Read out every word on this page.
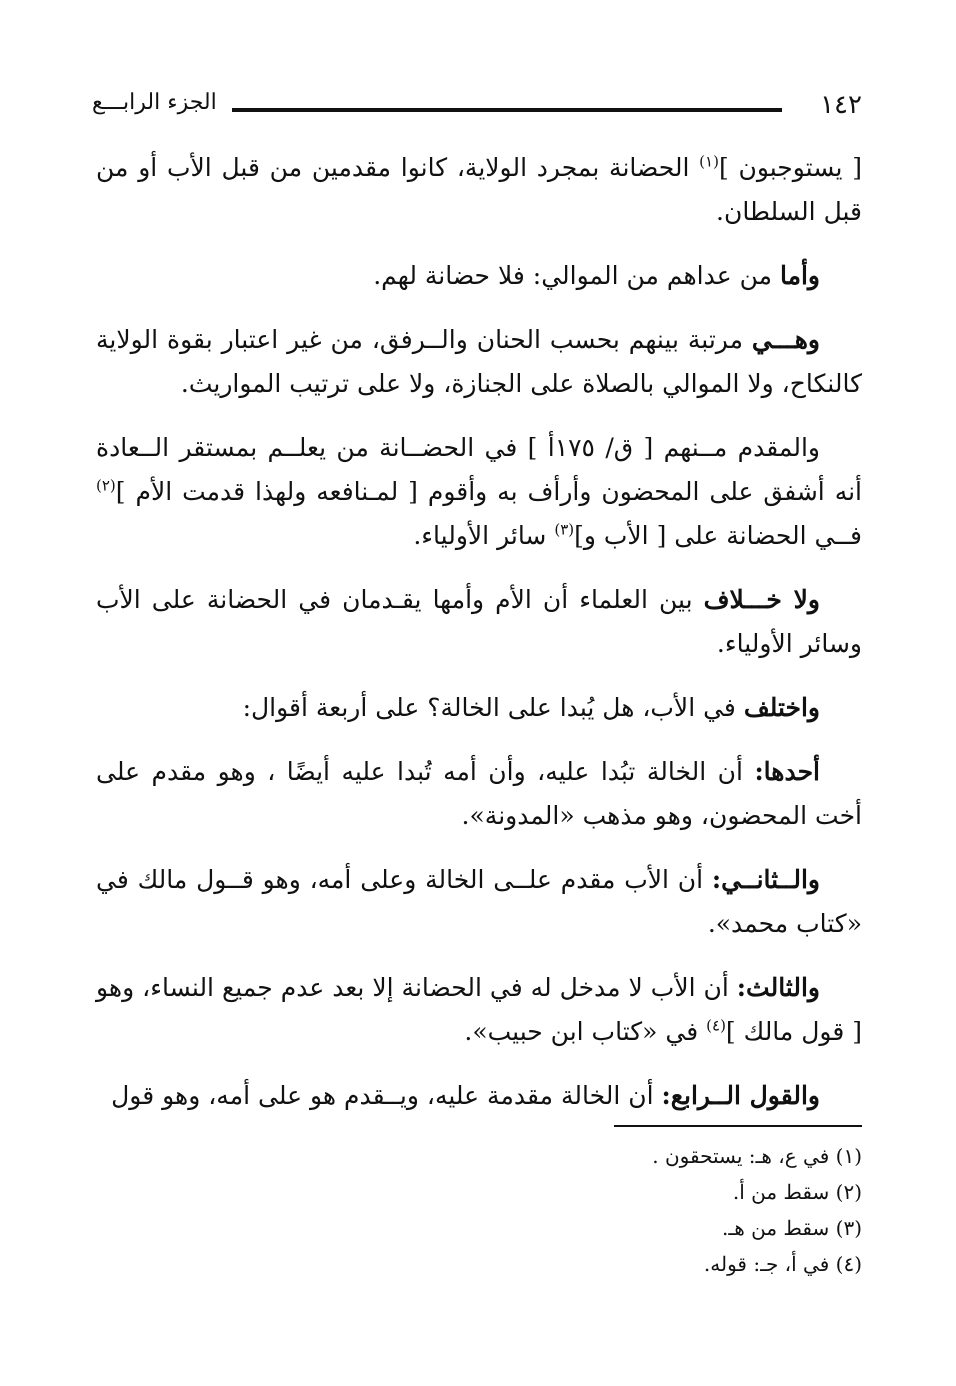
١٤٢
الجزء الرابـــع

[ يستوجبون ]$^{(١)}$ الحضانة بمجرد الولاية، كانوا مقدمين من قبل الأب أو من قبل السلطان.

وأما من عداهم من الموالي: فلا حضانة لهم.

وهـــي مرتبة بينهم بحسب الحنان والــرفق، من غير اعتبار بقوة الولاية كالنكاح، ولا الموالي بالصلاة على الجنازة، ولا على ترتيب المواريث.

والمقدم مــنهم [ ق/ ١٧٥أ ] في الحضــانة من يعلــم بمستقر الــعادة أنه أشفق على المحضون وأرأف به وأقوم [ لمـنافعه ولهذا قدمت الأم ]$^{(٢)}$ فــي الحضانة على [ الأب و]$^{(٣)}$ سائر الأولياء.

ولا خـــلاف بين العلماء أن الأم وأمها يقـدمان في الحضانة على الأب وسائر الأولياء.

واختلف في الأب، هل يُبدا على الخالة؟ على أربعة أقوال:

أحدها: أن الخالة تبُدا عليه، وأن أمه تُبدا عليه أيضًا ، وهو مقدم على أخت المحضون، وهو مذهب «المدونة».

والــثانــي: أن الأب مقدم علــى الخالة وعلى أمه، وهو قــول مالك في «كتاب محمد».

والثالث: أن الأب لا مدخل له في الحضانة إلا بعد عدم جميع النساء، وهو [ قول مالك ]$^{(٤)}$ في «كتاب ابن حبيب».

والقول الــرابع: أن الخالة مقدمة عليه، ويــقدم هو على أمه، وهو قول

(١) في ع، هـ: يستحقون .

(٢) سقط من أ.

(٣) سقط من هـ.

(٤) في أ، جـ: قوله.
